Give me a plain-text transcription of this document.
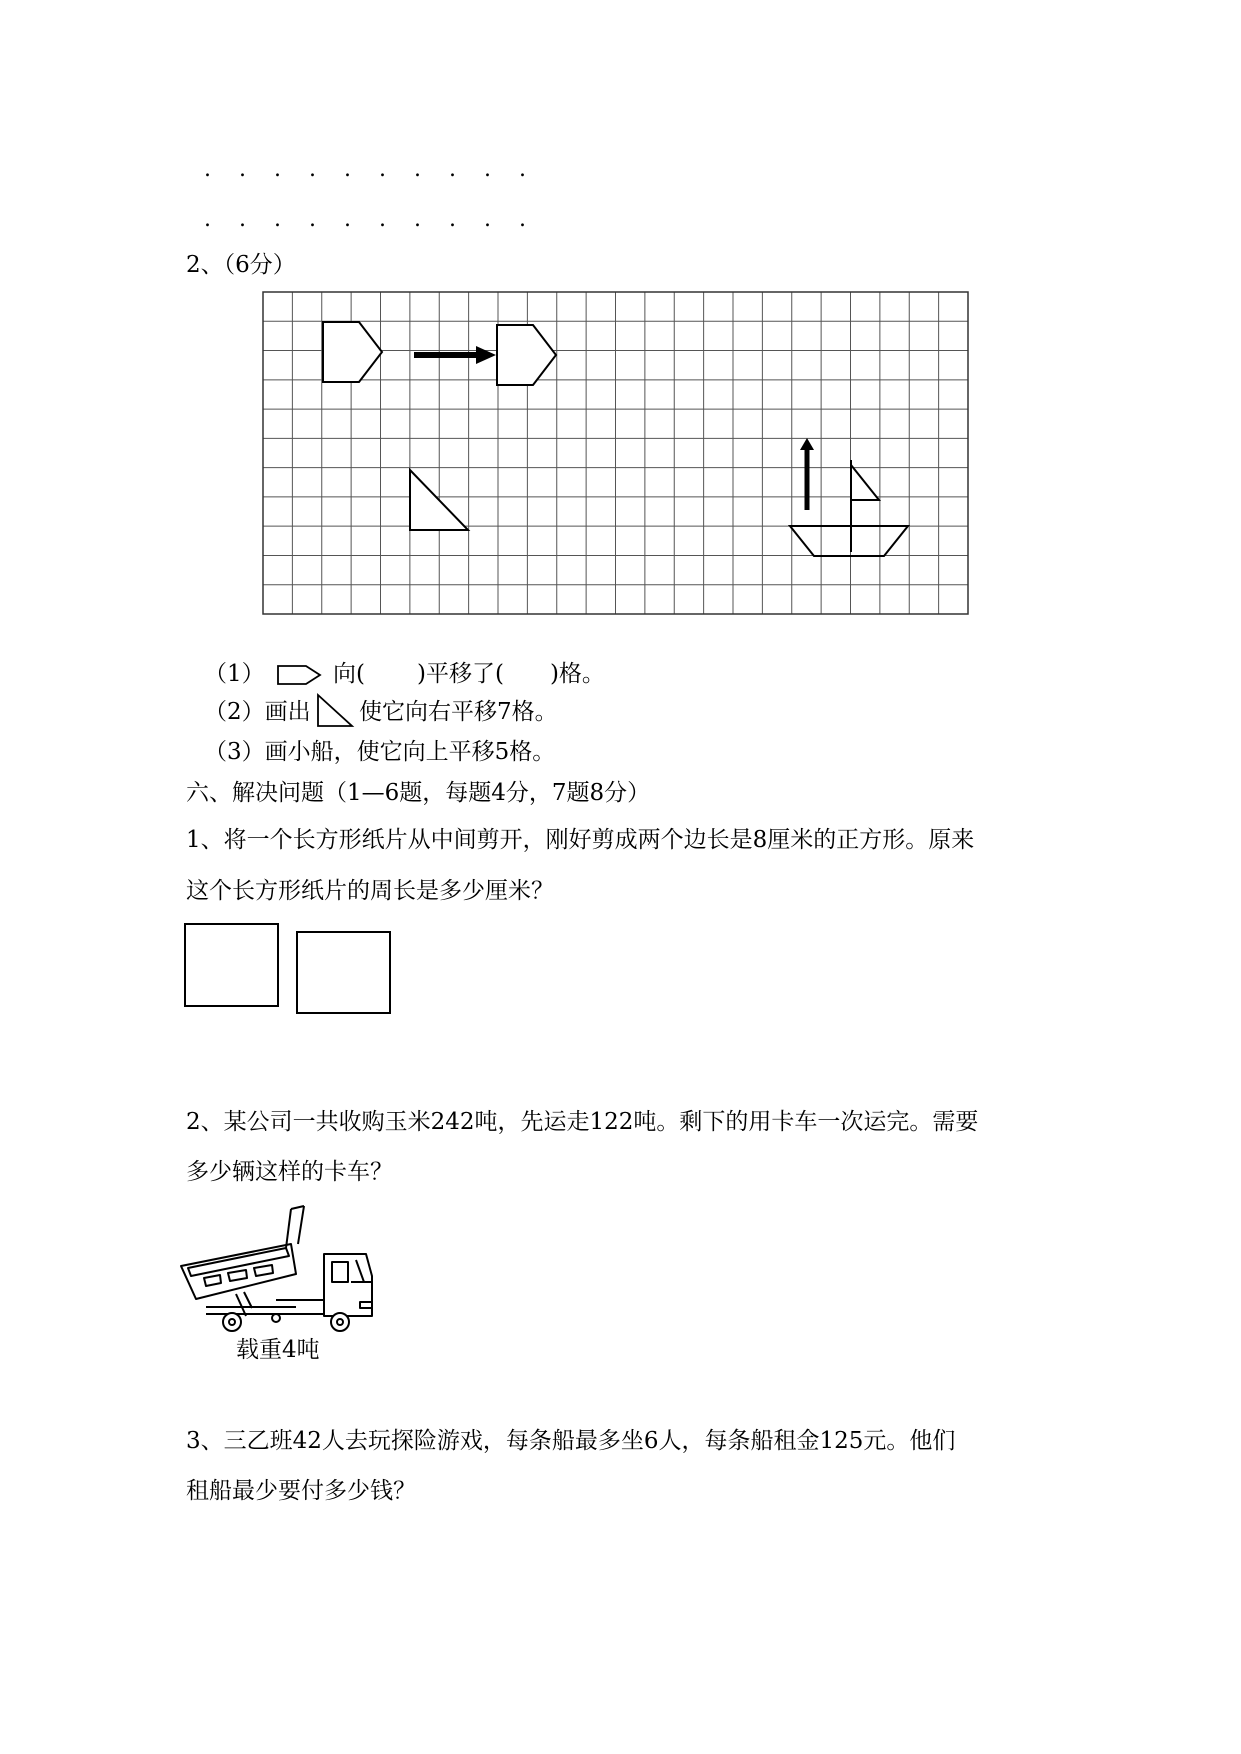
. . . . . . . . . .
. . . . . . . . . .
2、（6分）
（1）	向( )平移了( )格。
（2）画出 使它向右平移7格。
（3）画小船，使它向上平移5格。
六、解决问题（1—6题，每题4分，7题8分）
1、将一个长方形纸片从中间剪开，刚好剪成两个边长是8厘米的正方形。原来
这个长方形纸片的周长是多少厘米？
2、某公司一共收购玉米242吨，先运走122吨。剩下的用卡车一次运完。需要
多少辆这样的卡车？
载重4吨
3、三乙班42人去玩探险游戏，每条船最多坐6人，每条船租金125元。他们
租船最少要付多少钱？
